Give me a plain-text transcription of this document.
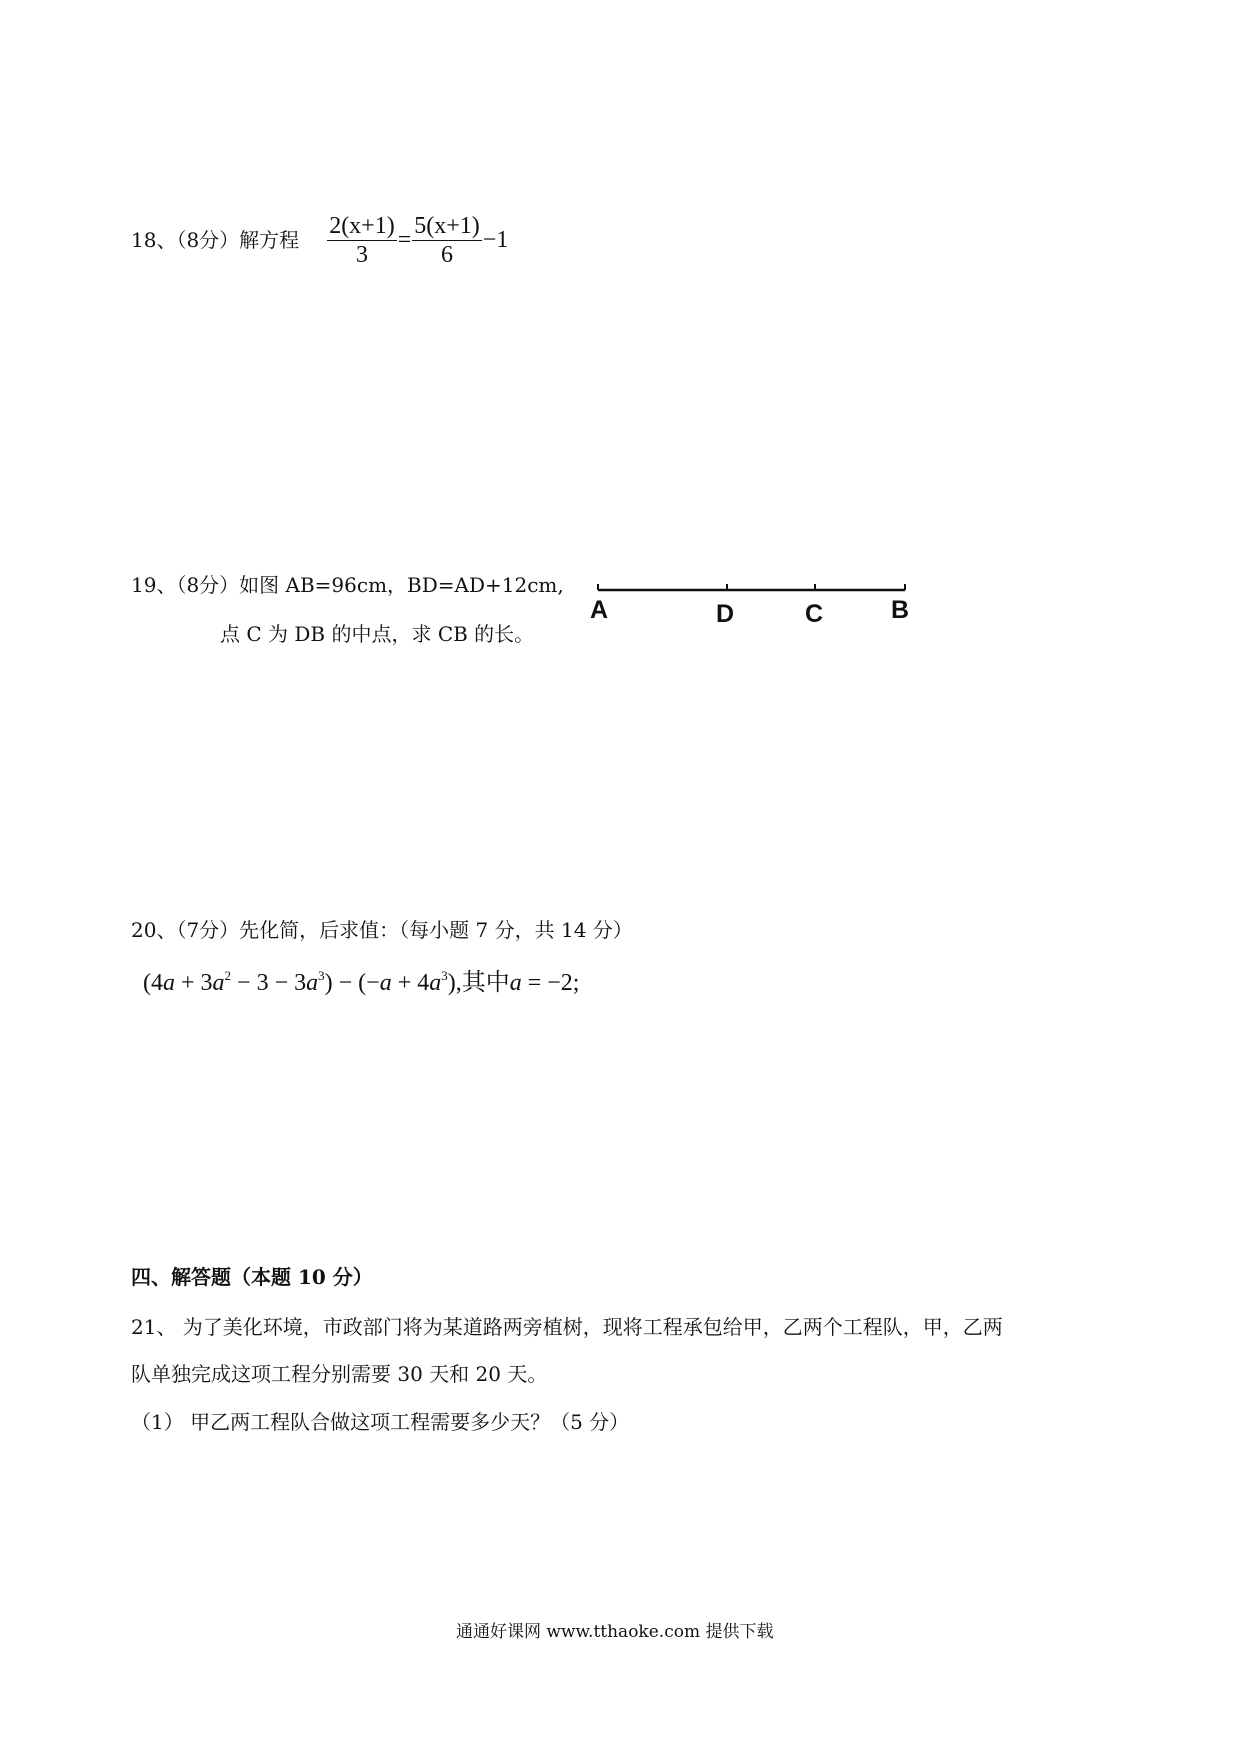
18、（8分）解方程 $\frac{2(x+1)}{3} = \frac{5(x+1)}{6} -1$
19、（8分）如图 AB=96cm，BD=AD+12cm,
点 C 为 DB 的中点，求 CB 的长。
A	D	C	B
20、（7分）先化简，后求值：（每小题 7 分，共 14 分）
$(4a + 3a^2 - 3 - 3a^3) - (-a + 4a^3)$,其中a = −2;
四、解答题（本题 10 分）
21、 为了美化环境，市政部门将为某道路两旁植树，现将工程承包给甲，乙两个工程队，甲，乙两
队单独完成这项工程分别需要 30 天和 20 天。
（1） 甲乙两工程队合做这项工程需要多少天？（5 分）
通通好课网 www.tthaoke.com 提供下载
